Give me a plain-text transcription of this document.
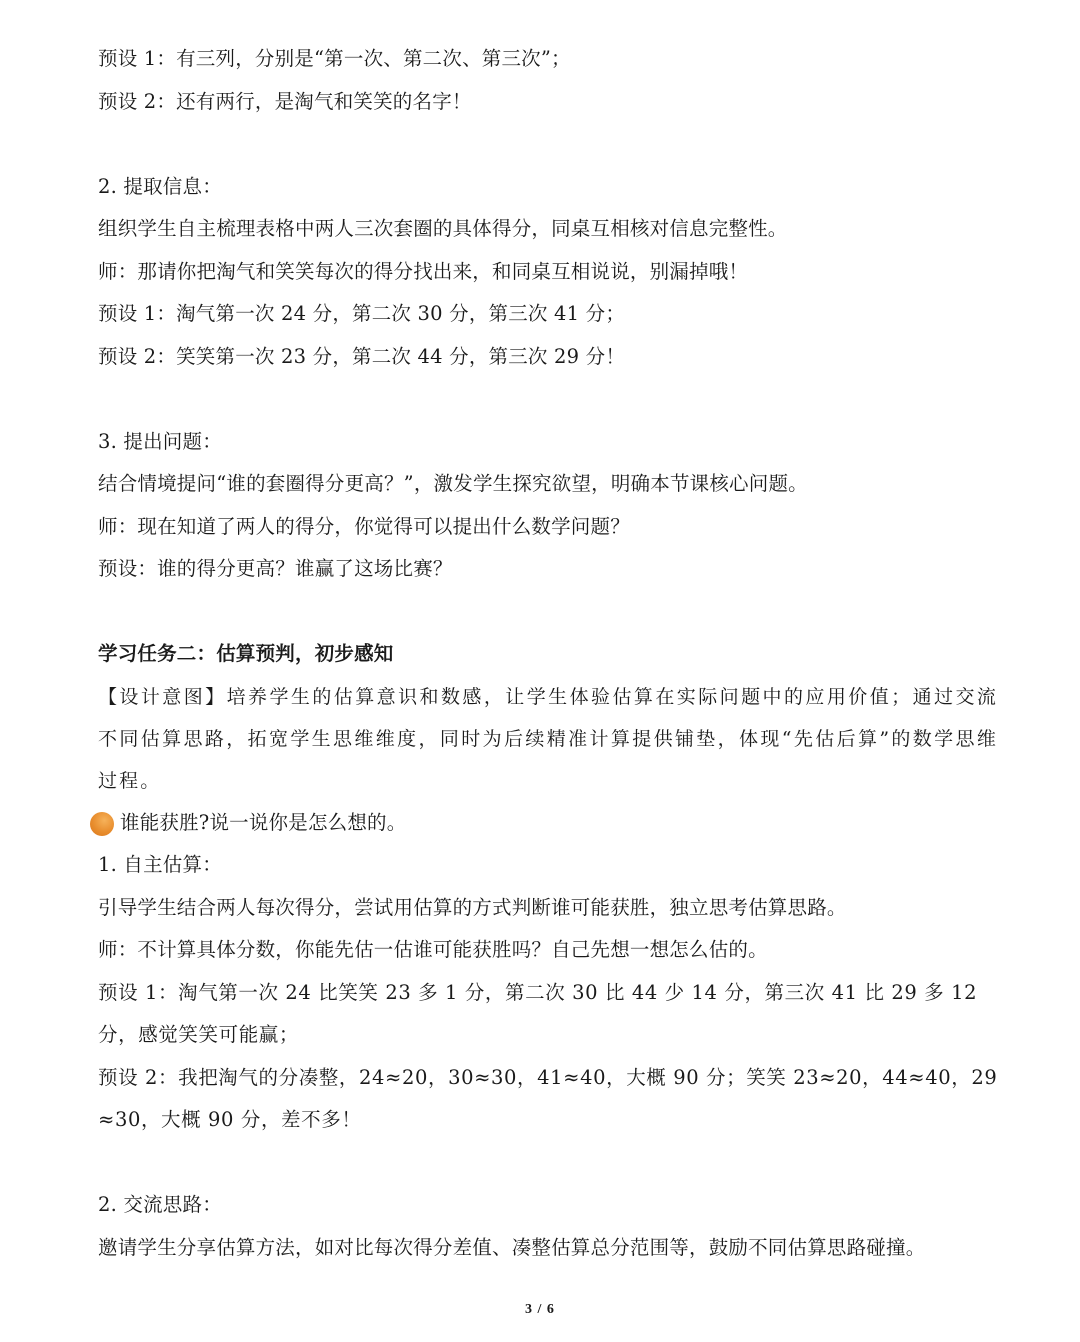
预设 1：有三列，分别是“第一次、第二次、第三次”；
预设 2：还有两行，是淘气和笑笑的名字！
2. 提取信息：
组织学生自主梳理表格中两人三次套圈的具体得分，同桌互相核对信息完整性。
师：那请你把淘气和笑笑每次的得分找出来，和同桌互相说说，别漏掉哦！
预设 1：淘气第一次 24 分，第二次 30 分，第三次 41 分；
预设 2：笑笑第一次 23 分，第二次 44 分，第三次 29 分！
3. 提出问题：
结合情境提问“谁的套圈得分更高？”，激发学生探究欲望，明确本节课核心问题。
师：现在知道了两人的得分，你觉得可以提出什么数学问题？
预设：谁的得分更高？谁赢了这场比赛？
学习任务二：估算预判，初步感知
【设计意图】培养学生的估算意识和数感，让学生体验估算在实际问题中的应用价值；通过交流不同估算思路，拓宽学生思维维度，同时为后续精准计算提供铺垫，体现“先估后算”的数学思维过程。
谁能获胜?说一说你是怎么想的。
1. 自主估算：
引导学生结合两人每次得分，尝试用估算的方式判断谁可能获胜，独立思考估算思路。
师：不计算具体分数，你能先估一估谁可能获胜吗？自己先想一想怎么估的。
预设 1：淘气第一次 24 比笑笑 23 多 1 分，第二次 30 比 44 少 14 分，第三次 41 比 29 多 12 分，感觉笑笑可能赢；
预设 2：我把淘气的分凑整，24≈20，30≈30，41≈40，大概 90 分；笑笑 23≈20，44≈40，29≈30，大概 90 分，差不多！
2. 交流思路：
邀请学生分享估算方法，如对比每次得分差值、凑整估算总分范围等，鼓励不同估算思路碰撞。
3 / 6
